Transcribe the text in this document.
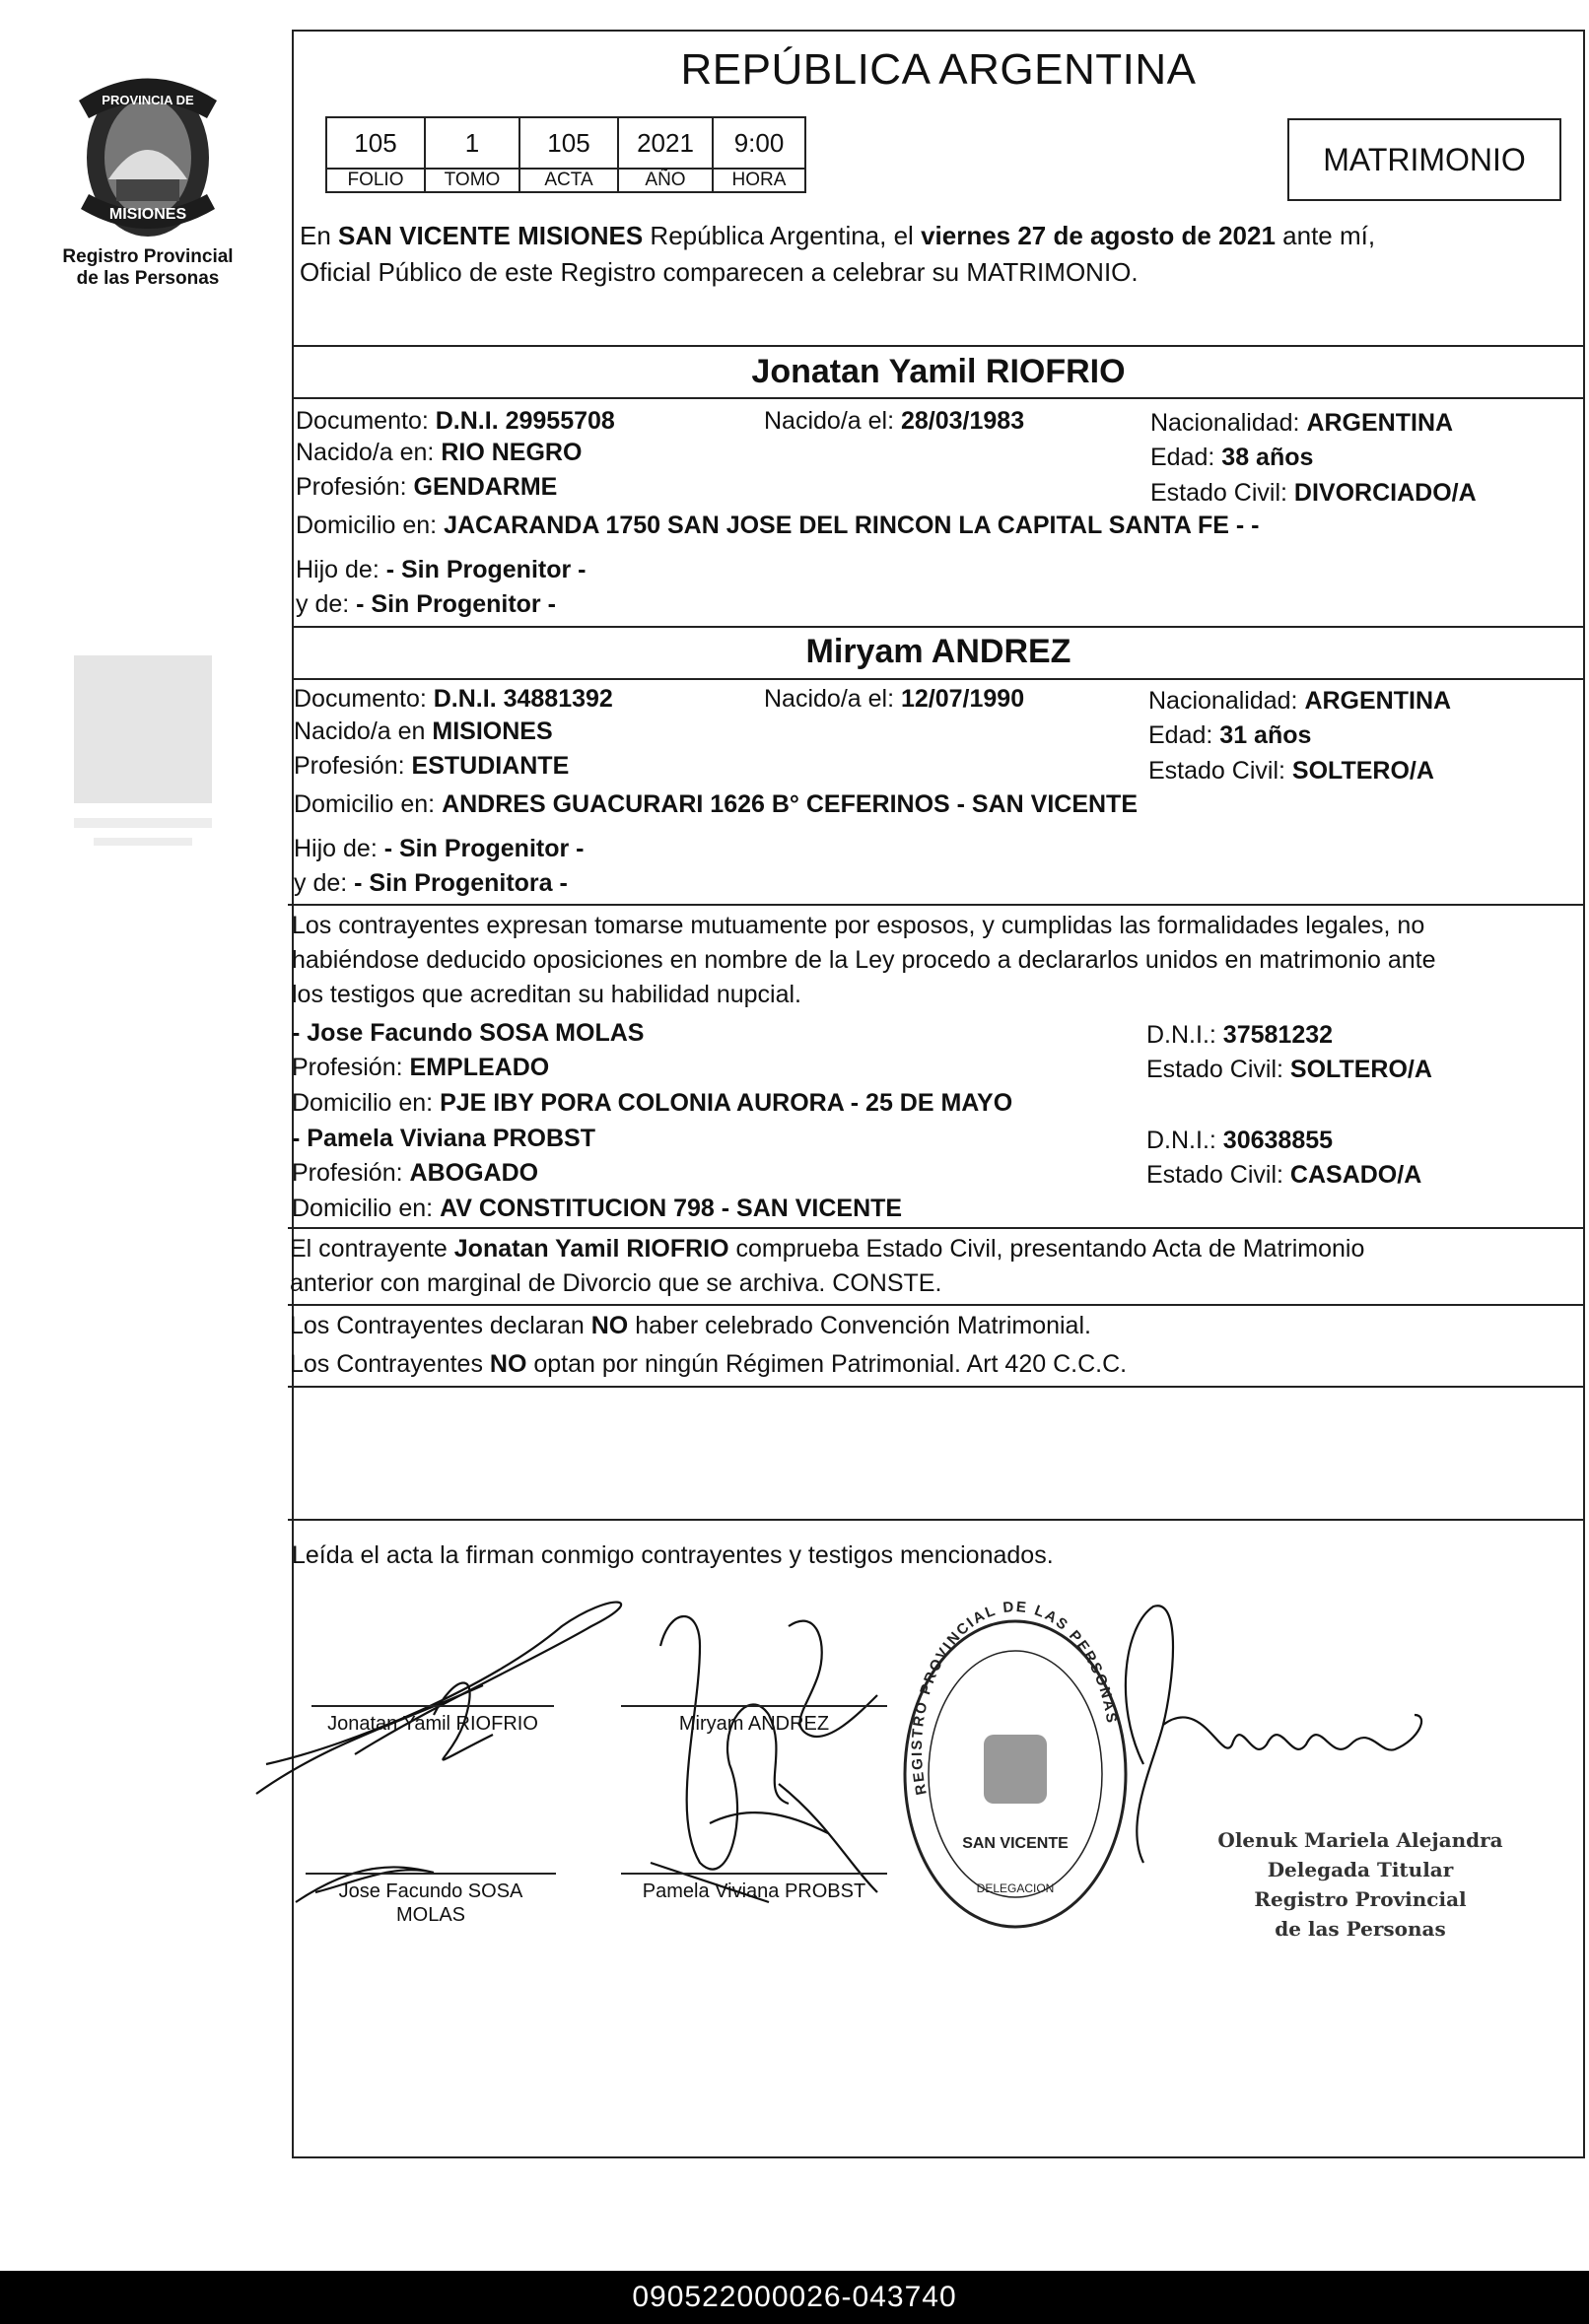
PROVINCIA DE
MISIONES
Registro Provincial
de las Personas
REPÚBLICA ARGENTINA
105	1	105	2021	9:00
FOLIO	TOMO	ACTA	AÑO	HORA
MATRIMONIO
En SAN VICENTE MISIONES República Argentina, el viernes 27 de agosto de 2021 ante mí,
Oficial Público de este Registro comparecen a celebrar su MATRIMONIO.
Jonatan Yamil RIOFRIO
Documento: D.N.I. 29955708	Nacido/a el: 28/03/1983	Nacionalidad: ARGENTINA
Nacido/a en: RIO NEGRO	Edad: 38 años
Profesión: GENDARME	Estado Civil: DIVORCIADO/A
Domicilio en: JACARANDA 1750 SAN JOSE DEL RINCON LA CAPITAL SANTA FE - -
Hijo de: - Sin Progenitor -
y de: - Sin Progenitor -
Miryam ANDREZ
Documento: D.N.I. 34881392	Nacido/a el: 12/07/1990	Nacionalidad: ARGENTINA
Nacido/a en MISIONES	Edad: 31 años
Profesión: ESTUDIANTE	Estado Civil: SOLTERO/A
Domicilio en: ANDRES GUACURARI 1626 B° CEFERINOS - SAN VICENTE
Hijo de: - Sin Progenitor -
y de: - Sin Progenitora -
Los contrayentes expresan tomarse mutuamente por esposos, y cumplidas las formalidades legales, no
habiéndose deducido oposiciones en nombre de la Ley procedo a declararlos unidos en matrimonio ante
los testigos que acreditan su habilidad nupcial.
- Jose Facundo SOSA MOLAS	D.N.I.: 37581232
Profesión: EMPLEADO	Estado Civil: SOLTERO/A
Domicilio en: PJE IBY PORA COLONIA AURORA - 25 DE MAYO
- Pamela Viviana PROBST	D.N.I.: 30638855
Profesión: ABOGADO	Estado Civil: CASADO/A
Domicilio en: AV CONSTITUCION 798 - SAN VICENTE
El contrayente Jonatan Yamil RIOFRIO comprueba Estado Civil, presentando Acta de Matrimonio
anterior con marginal de Divorcio que se archiva. CONSTE.
Los Contrayentes declaran NO haber celebrado Convención Matrimonial.
Los Contrayentes NO optan por ningún Régimen Patrimonial. Art 420 C.C.C.
Leída el acta la firman conmigo contrayentes y testigos mencionados.
Jonatan Yamil RIOFRIO	Miryam ANDREZ
Jose Facundo SOSA
MOLAS
Pamela Viviana PROBST
REGISTRO PROVINCIAL DE LAS PERSONAS
SAN VICENTE
DELEGACION
Olenuk Mariela Alejandra
Delegada Titular
Registro Provincial
de las Personas
090522000026-043740
